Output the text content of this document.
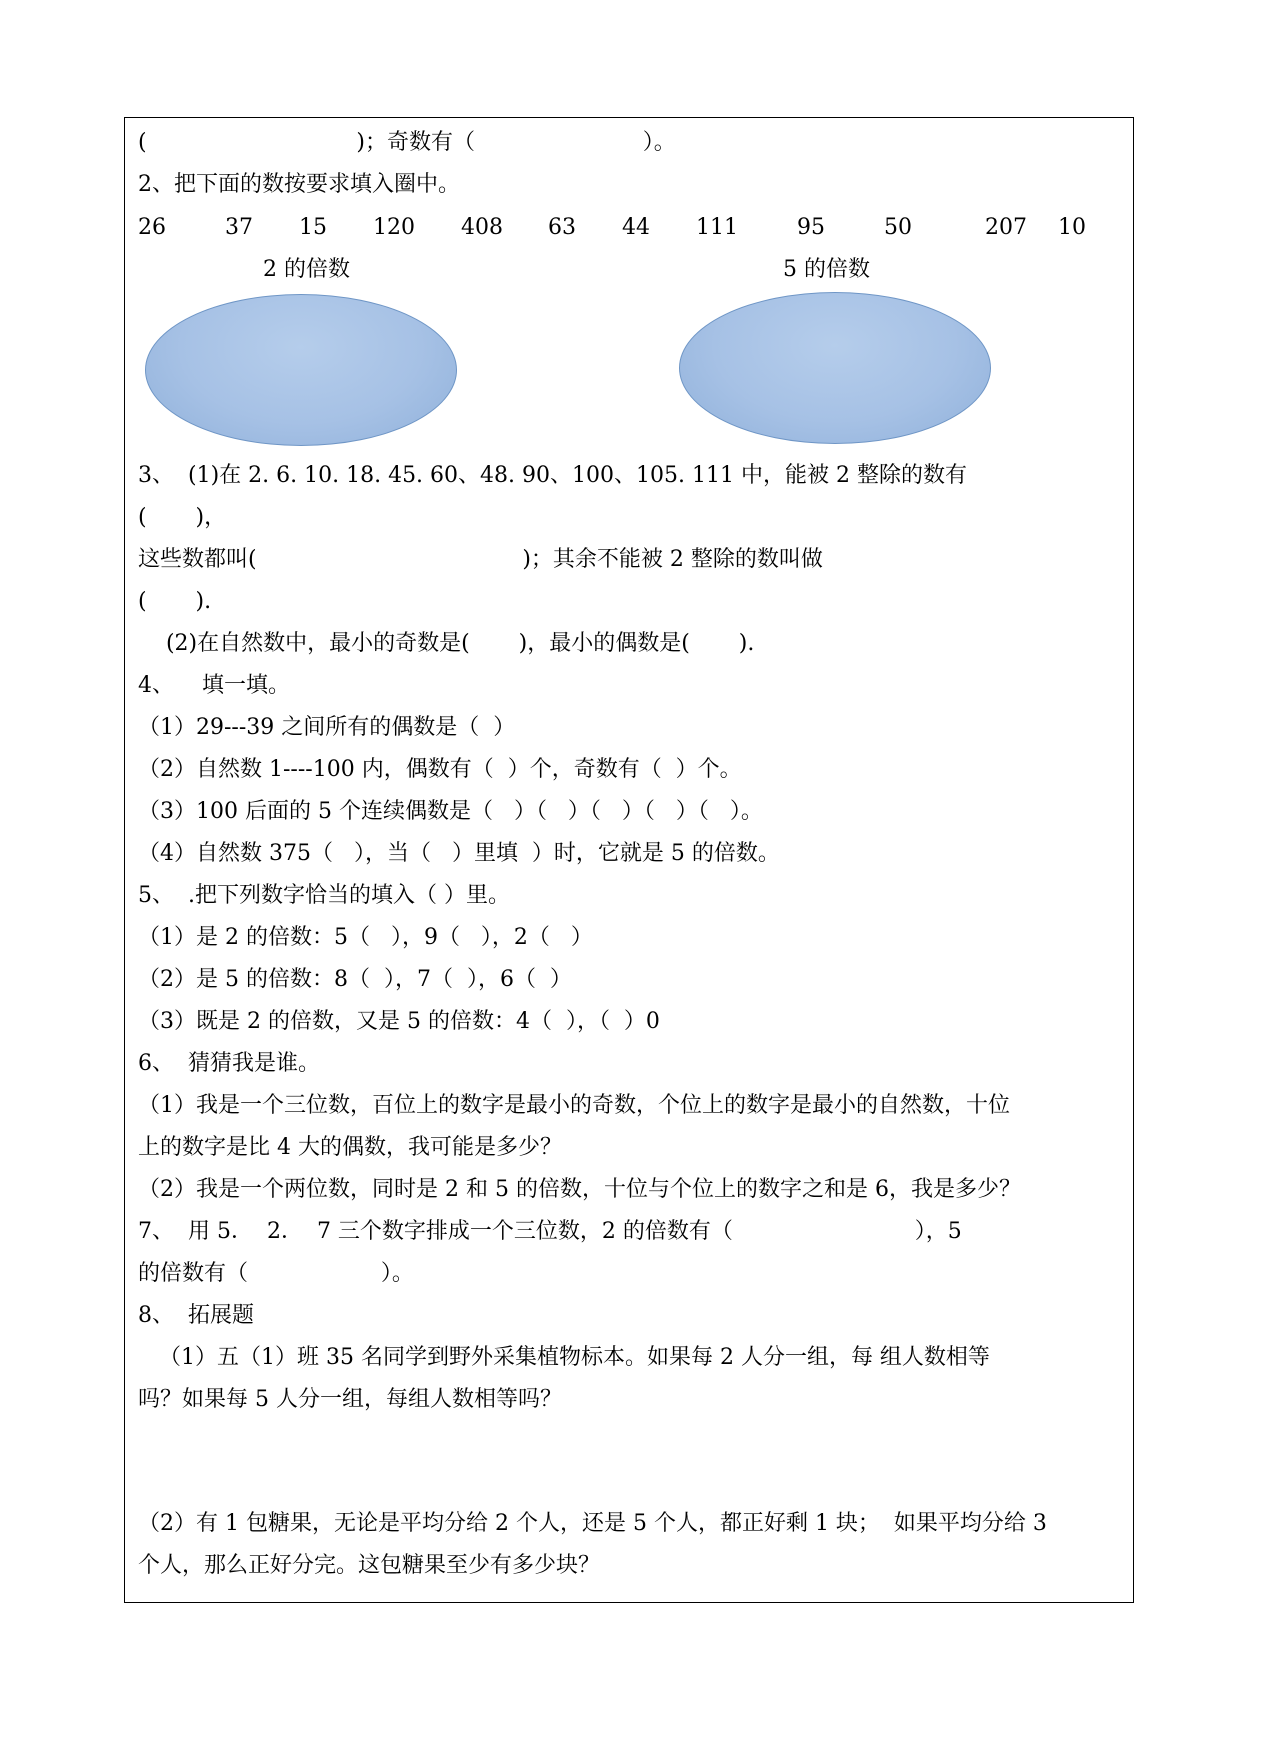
(                              )；奇数有（                        ）。
2、把下面的数按要求填入圈中。
26	37 15 120 408 63 44 111	95	50	207 10
2 的倍数	5 的倍数
3、  (1)在 2. 6. 10. 18. 45. 60、48. 90、100、105. 111 中，能被 2 整除的数有
(       )，
这些数都叫(                                      )；其余不能被 2 整除的数叫做
(       ).
(2)在自然数中，最小的奇数是(       )，最小的偶数是(       ).
4、    填一填。
（1）29---39 之间所有的偶数是（  ）
（2）自然数 1----100 内，偶数有（  ）个，奇数有（  ）个。
（3）100 后面的 5 个连续偶数是（   ）（   ）（   ）（   ）（   ）。
（4）自然数 375（   ），当（   ）里填  ）时，它就是 5 的倍数。
5、  .把下列数字恰当的填入（ ）里。
（1）是 2 的倍数：5（   ），9（   ），2（   ）
（2）是 5 的倍数：8（  ），7（  ），6（  ）
（3）既是 2 的倍数，又是 5 的倍数：4（  ），（  ）0
6、  猜猜我是谁。
（1）我是一个三位数，百位上的数字是最小的奇数，个位上的数字是最小的自然数，十位
上的数字是比 4 大的偶数，我可能是多少？
（2）我是一个两位数，同时是 2 和 5 的倍数，十位与个位上的数字之和是 6，我是多少？
7、  用 5．  2．  7 三个数字排成一个三位数，2 的倍数有（                          ），5
的倍数有（                   ）。
8、  拓展题
（1）五（1）班 35 名同学到野外采集植物标本。如果每 2 人分一组，每 组人数相等
吗？如果每 5 人分一组，每组人数相等吗？
（2）有 1 包糖果，无论是平均分给 2 个人，还是 5 个人，都正好剩 1 块；  如果平均分给 3
个人，那么正好分完。这包糖果至少有多少块？
